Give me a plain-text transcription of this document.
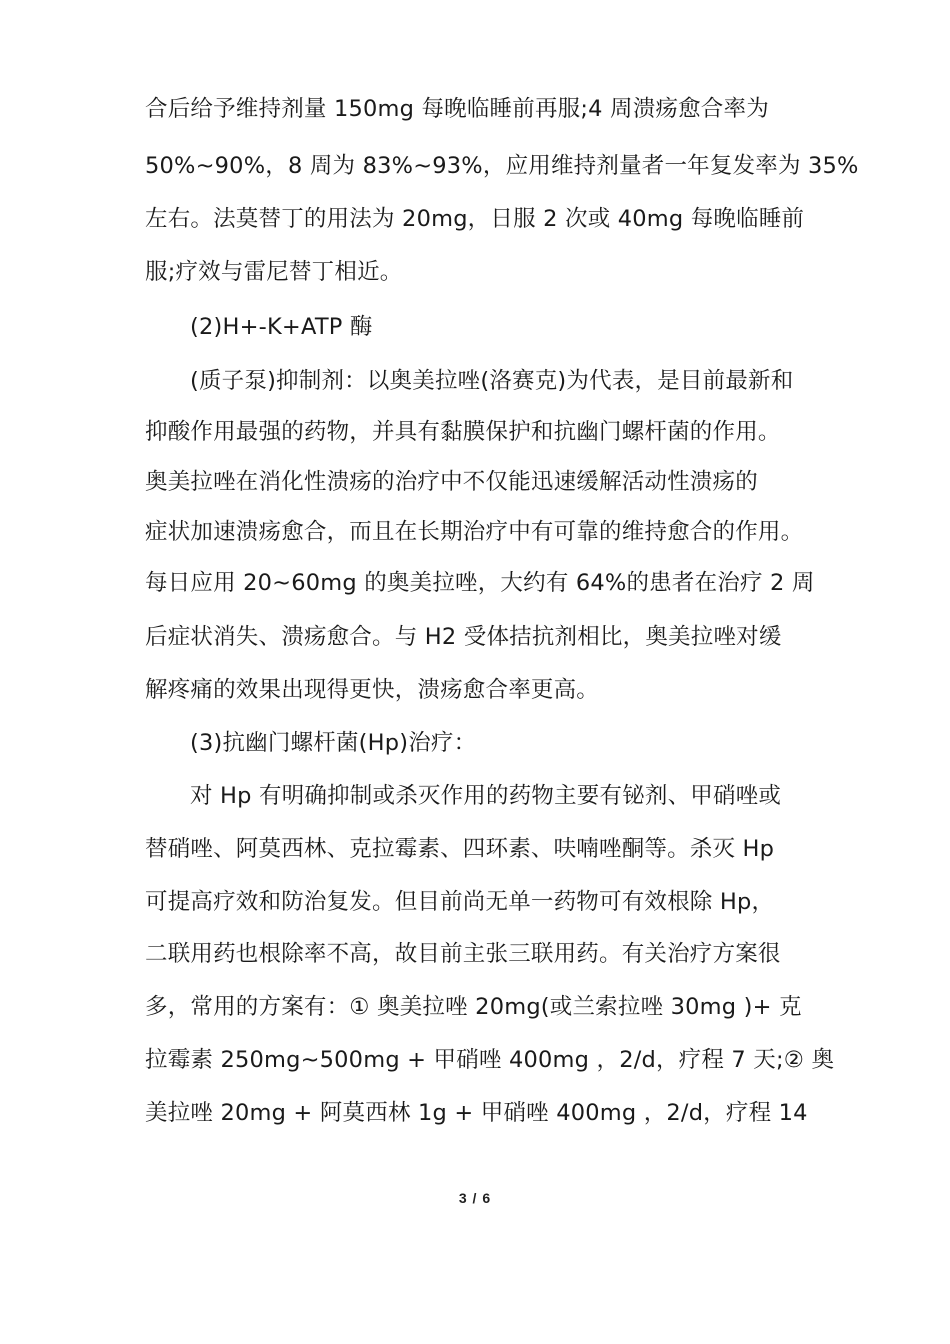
合后给予维持剂量 150mg 每晚临睡前再服;4 周溃疡愈合率为
50%~90%，8 周为 83%~93%，应用维持剂量者一年复发率为 35%
左右。法莫替丁的用法为 20mg，日服 2 次或 40mg 每晚临睡前
服;疗效与雷尼替丁相近。
(2)H+-K+ATP 酶
(质子泵)抑制剂：以奥美拉唑(洛赛克)为代表，是目前最新和
抑酸作用最强的药物，并具有黏膜保护和抗幽门螺杆菌的作用。
奥美拉唑在消化性溃疡的治疗中不仅能迅速缓解活动性溃疡的
症状加速溃疡愈合，而且在长期治疗中有可靠的维持愈合的作用。
每日应用 20~60mg 的奥美拉唑，大约有 64%的患者在治疗 2 周
后症状消失、溃疡愈合。与 H2 受体拮抗剂相比，奥美拉唑对缓
解疼痛的效果出现得更快，溃疡愈合率更高。
(3)抗幽门螺杆菌(Hp)治疗：
对 Hp 有明确抑制或杀灭作用的药物主要有铋剂、甲硝唑或
替硝唑、阿莫西林、克拉霉素、四环素、呋喃唑酮等。杀灭 Hp
可提高疗效和防治复发。但目前尚无单一药物可有效根除 Hp，
二联用药也根除率不高，故目前主张三联用药。有关治疗方案很
多，常用的方案有：① 奥美拉唑 20mg(或兰索拉唑 30mg )+ 克
拉霉素 250mg~500mg + 甲硝唑 400mg ，2/d，疗程 7 天;② 奥
美拉唑 20mg + 阿莫西林 1g + 甲硝唑 400mg ，2/d，疗程 14
3 / 6
